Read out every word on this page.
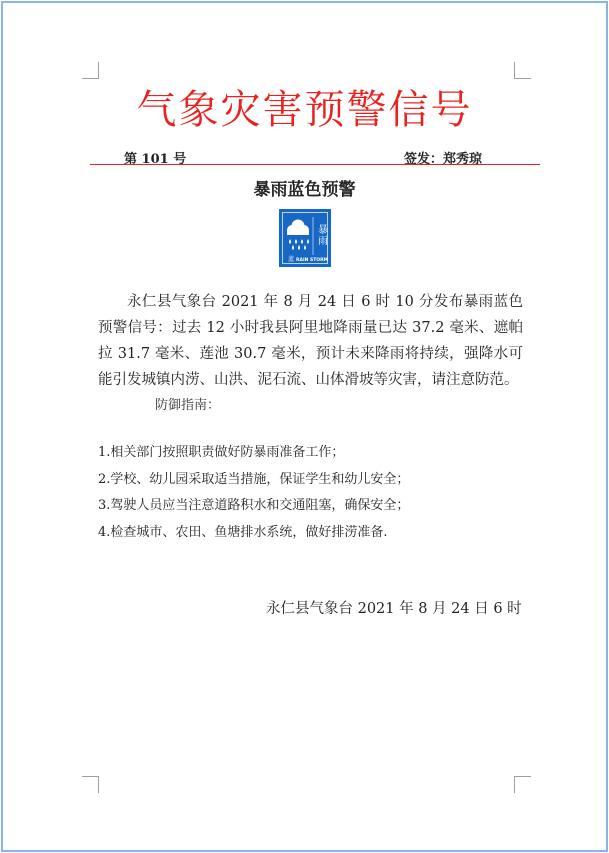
气象灾害预警信号
第 101 号	签发：郑秀琼
暴雨蓝色预警
暴雨
蓝 RAIN STORM
永仁县气象台 2021 年 8 月 24 日 6 时 10 分发布暴雨蓝色预警信号：过去 12 小时我县阿里地降雨量已达 37.2 毫米、遮帕拉 31.7 毫米、莲池 30.7 毫米，预计未来降雨将持续，强降水可能引发城镇内涝、山洪、泥石流、山体滑坡等灾害，请注意防范。
防御指南：
1.相关部门按照职责做好防暴雨准备工作；
2.学校、幼儿园采取适当措施，保证学生和幼儿安全；
3.驾驶人员应当注意道路积水和交通阻塞，确保安全；
4.检查城市、农田、鱼塘排水系统，做好排涝准备.
永仁县气象台 2021 年 8 月 24 日 6 时
